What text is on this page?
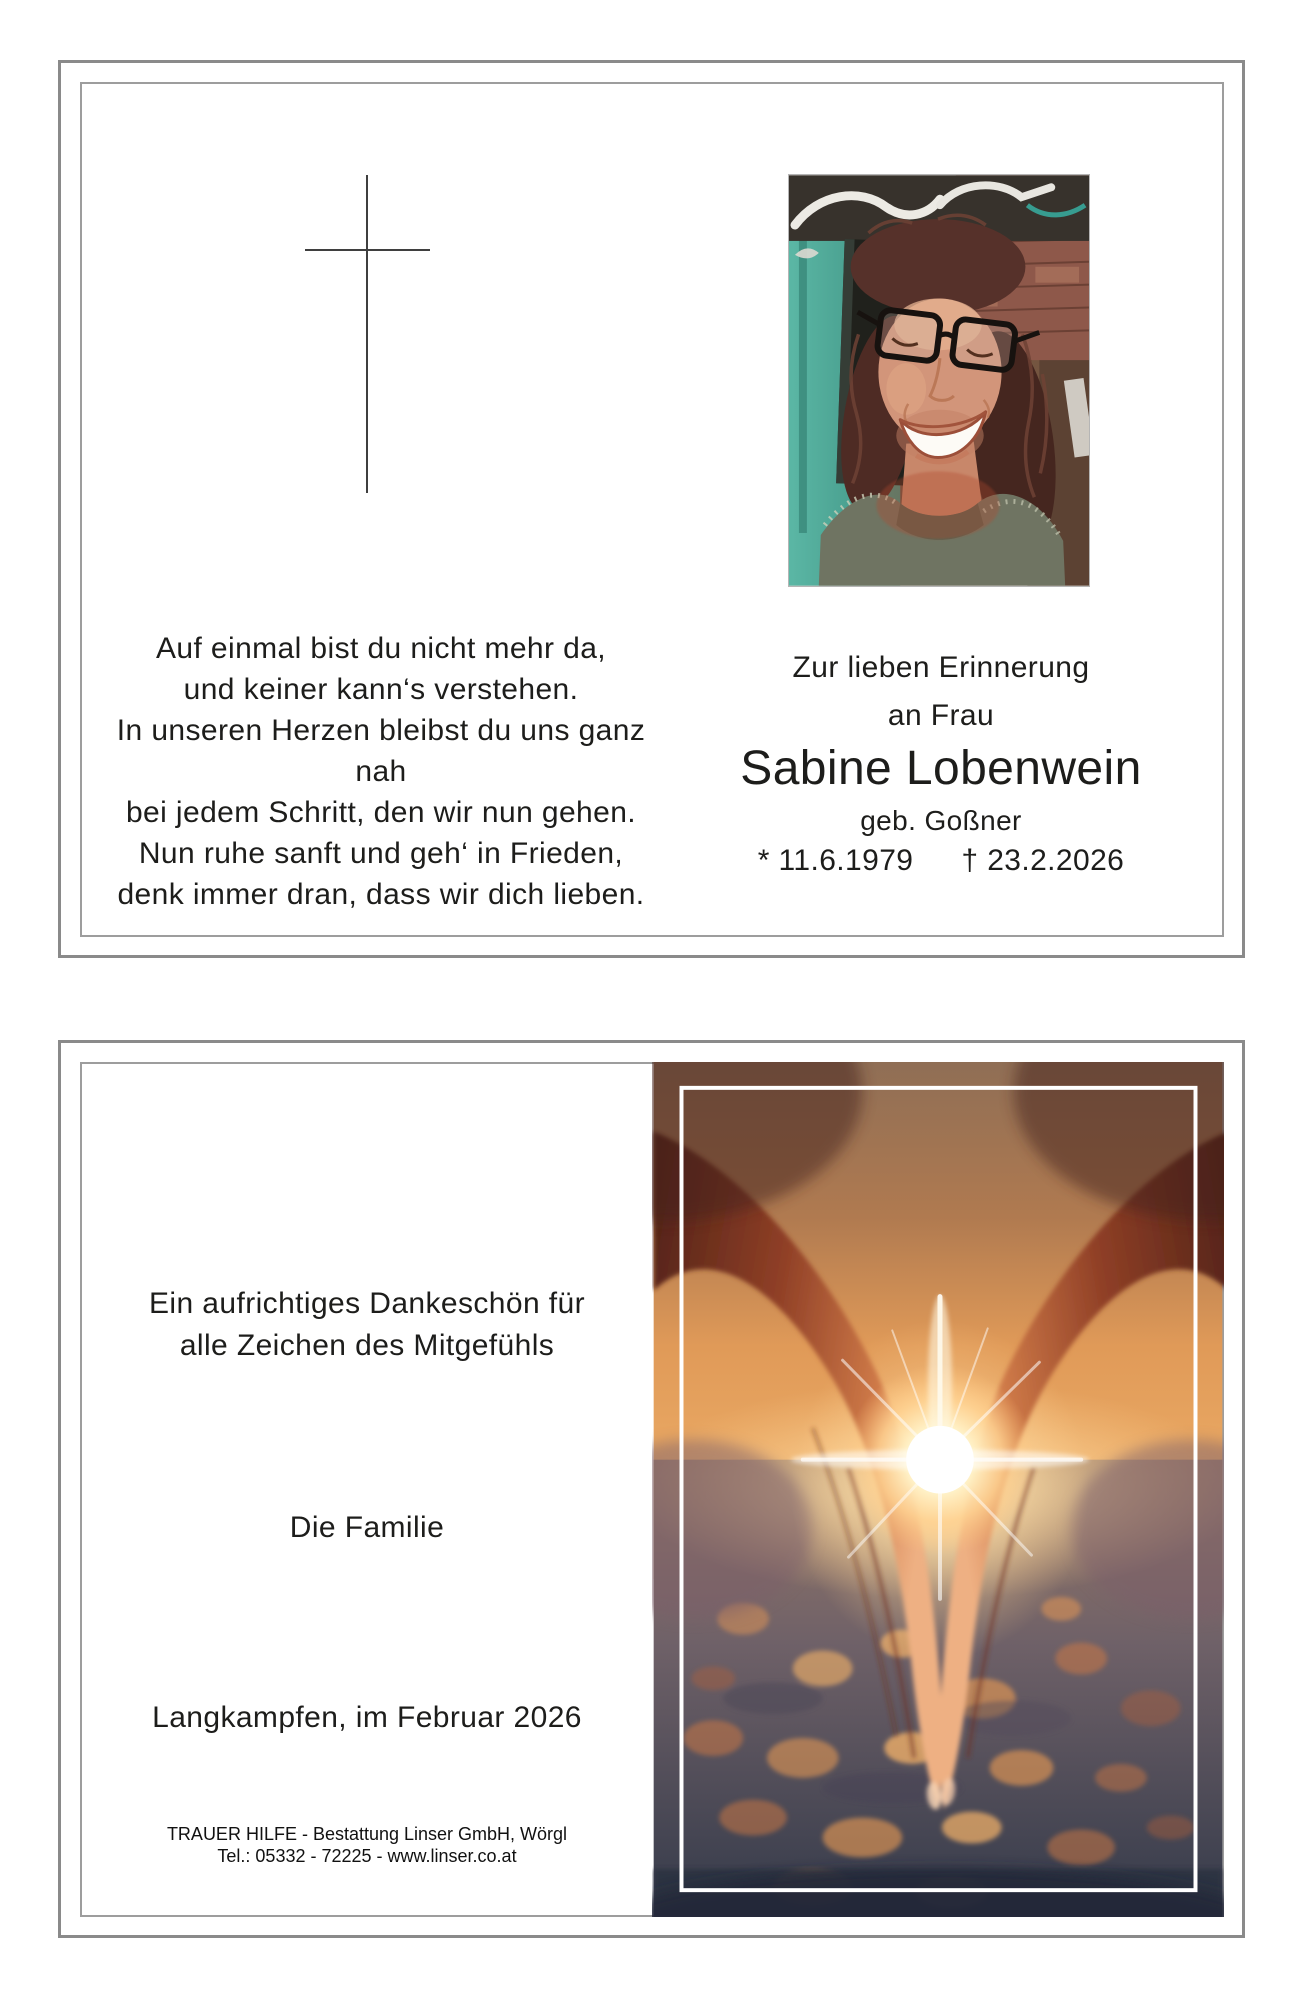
Auf einmal bist du nicht mehr da,
und keiner kann‘s verstehen.
In unseren Herzen bleibst du uns ganz nah
bei jedem Schritt, den wir nun gehen.
Nun ruhe sanft und geh‘ in Frieden,
denk immer dran, dass wir dich lieben.
Zur lieben Erinnerung
an Frau
Sabine Lobenwein
geb. Goßner
* 11.6.1979 † 23.2.2026
Ein aufrichtiges Dankeschön für
alle Zeichen des Mitgefühls
Die Familie
Langkampfen, im Februar 2026
TRAUER HILFE - Bestattung Linser GmbH, Wörgl
Tel.: 05332 - 72225 - www.linser.co.at
